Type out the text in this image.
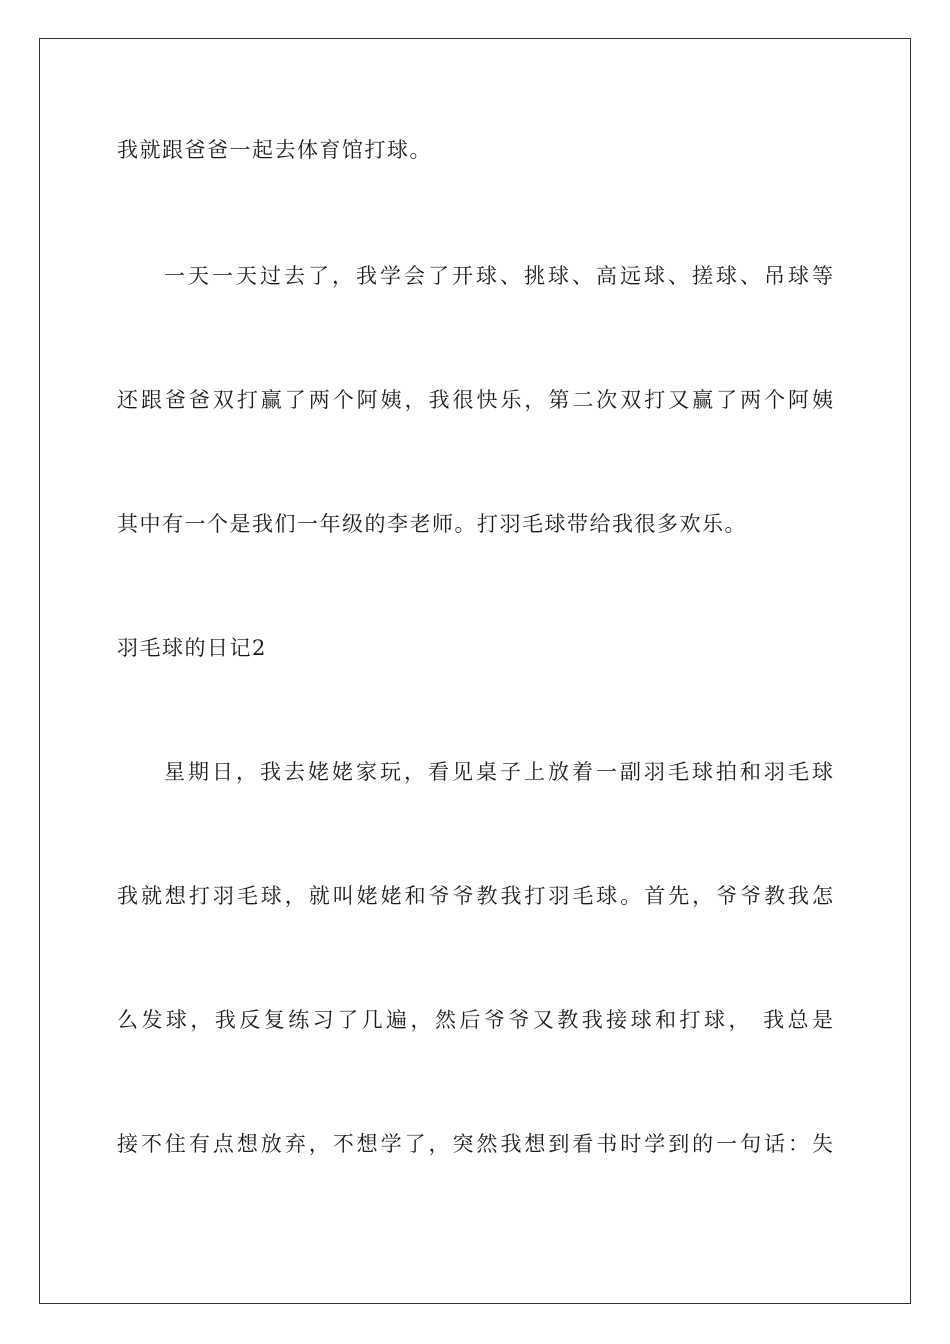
我就跟爸爸一起去体育馆打球。
一天一天过去了，我学会了开球、挑球、高远球、搓球、吊球等
还跟爸爸双打赢了两个阿姨，我很快乐，第二次双打又赢了两个阿姨
其中有一个是我们一年级的李老师。打羽毛球带给我很多欢乐。
羽毛球的日记2
星期日，我去姥姥家玩，看见桌子上放着一副羽毛球拍和羽毛球
我就想打羽毛球，就叫姥姥和爷爷教我打羽毛球。首先，爷爷教我怎
么发球，我反复练习了几遍，然后爷爷又教我接球和打球， 我总是
接不住有点想放弃，不想学了，突然我想到看书时学到的一句话：失
